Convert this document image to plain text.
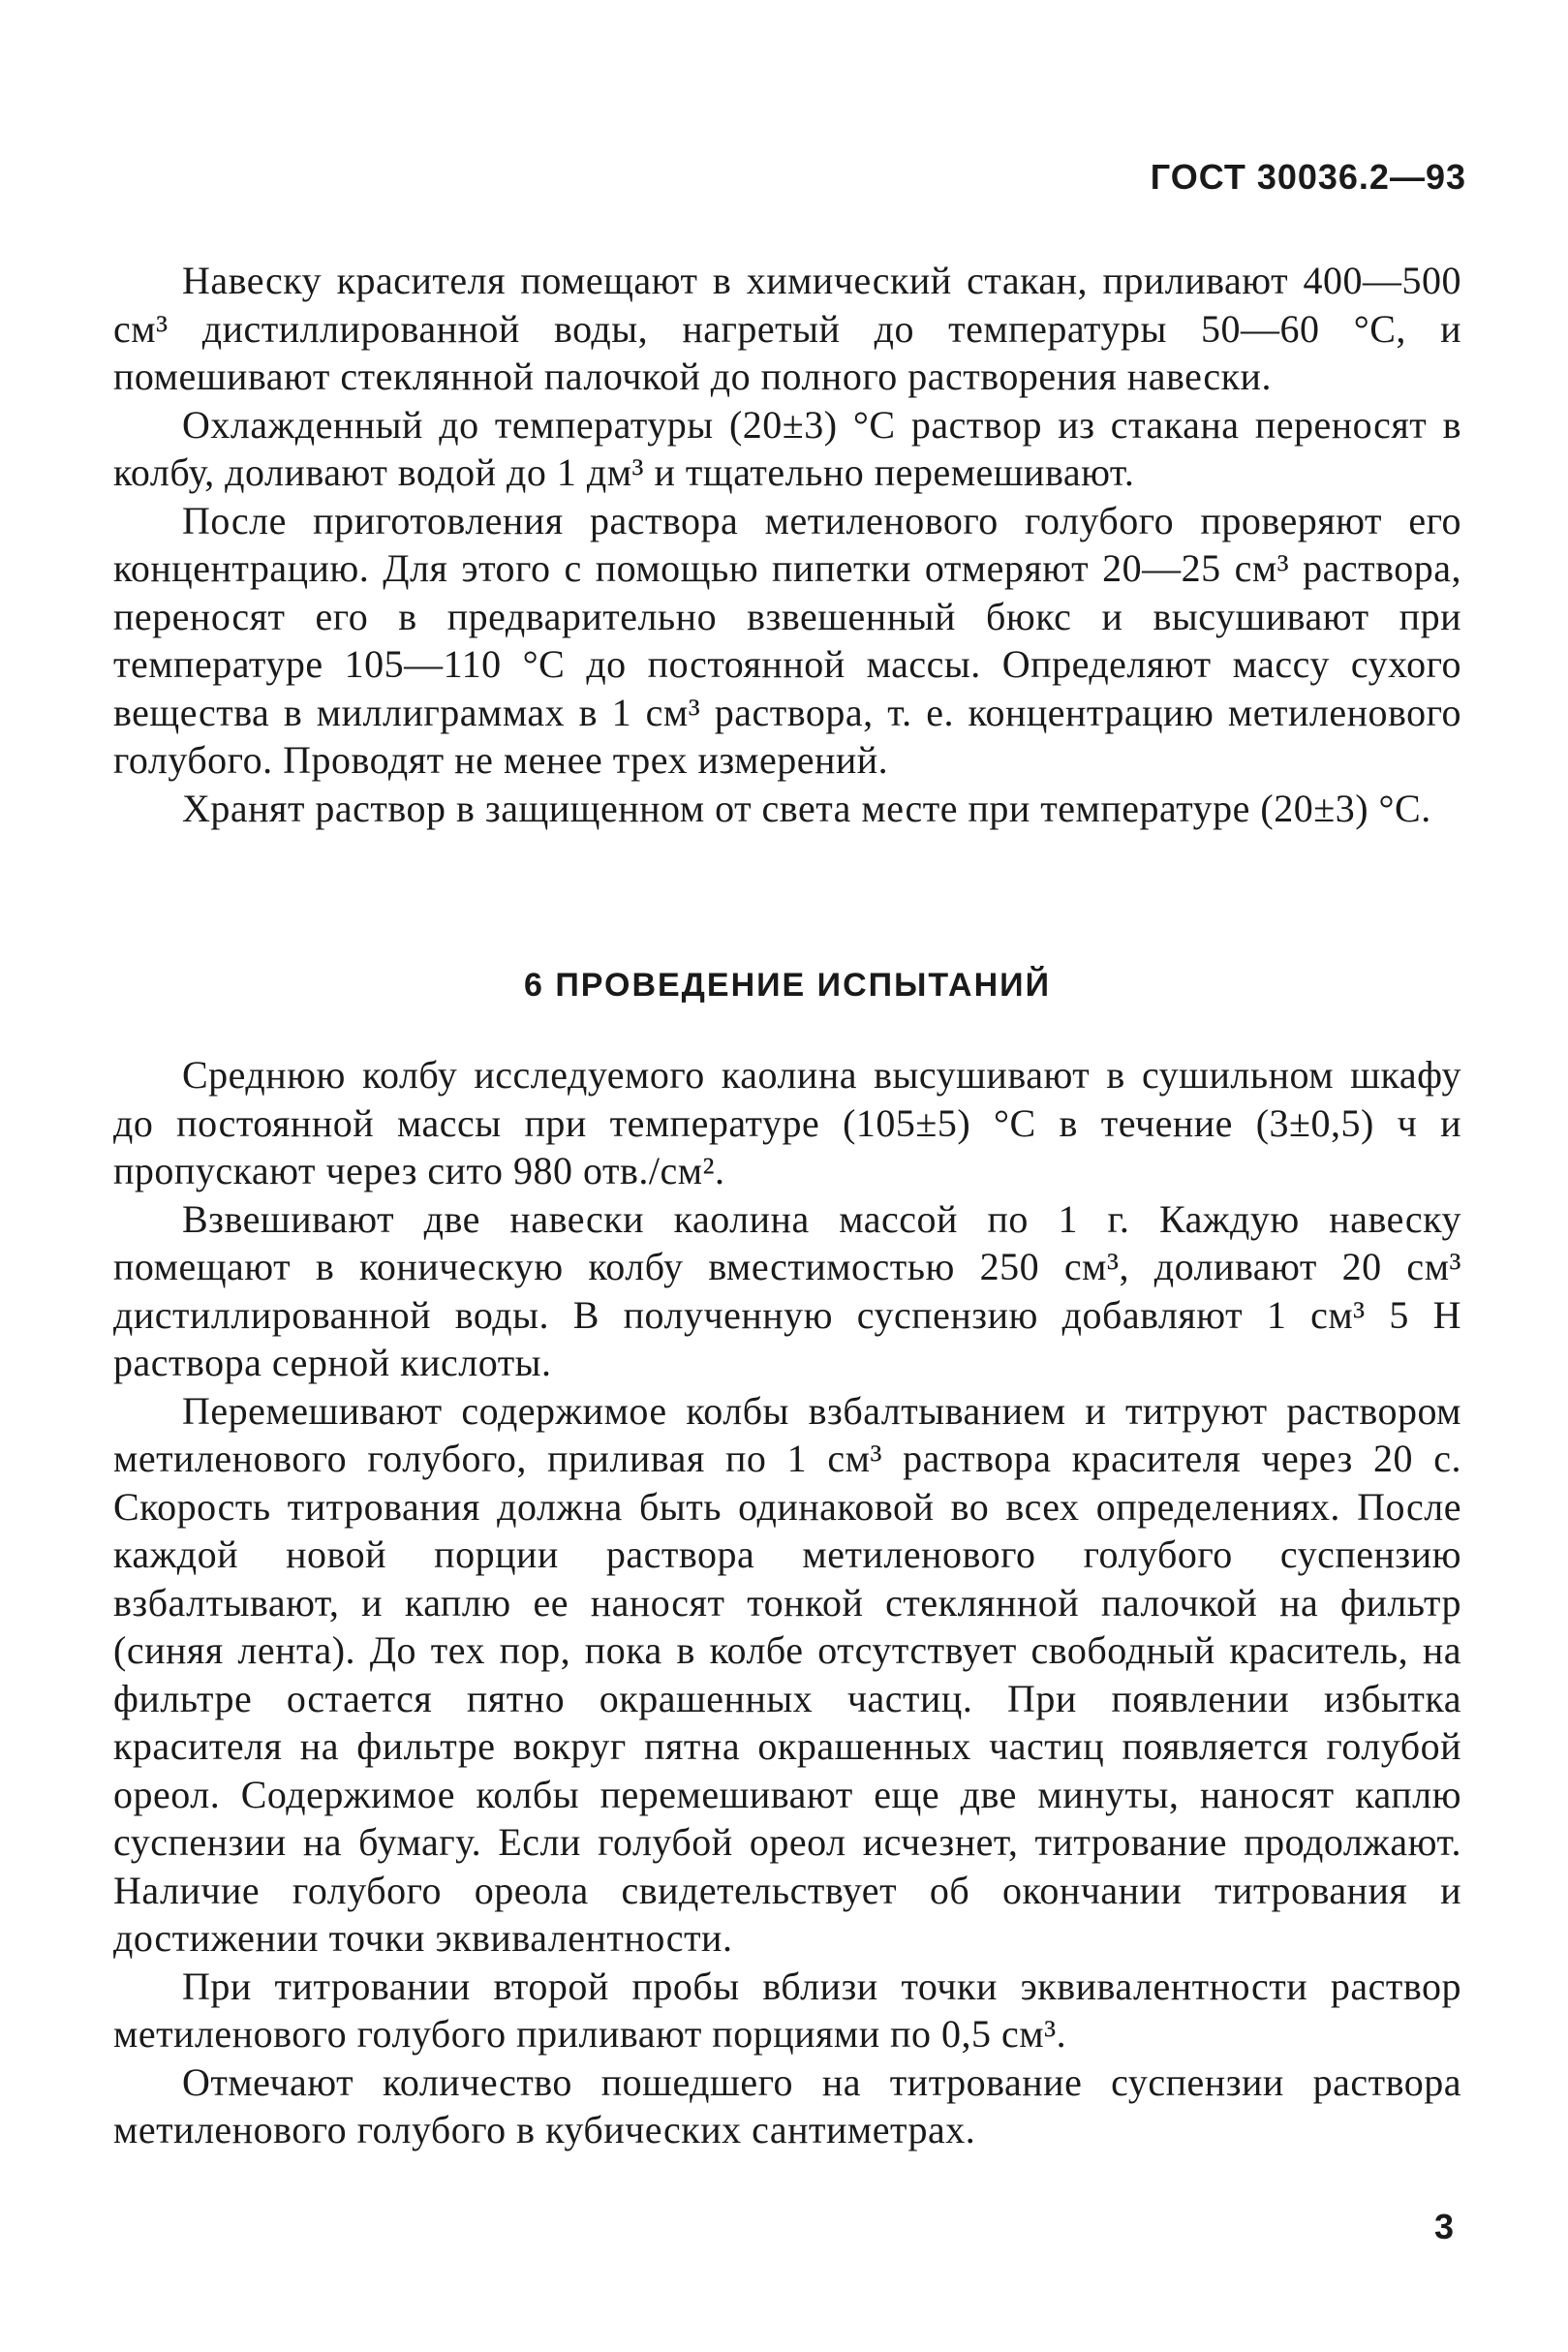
ГОСТ 30036.2—93

Навеску красителя помещают в химический стакан, приливают 400—500 см³ дистиллированной воды, нагретый до температуры 50—60 °С, и помешивают стеклянной палочкой до полного растворения навески.

Охлажденный до температуры (20±3) °С раствор из стакана переносят в колбу, доливают водой до 1 дм³ и тщательно перемешивают.

После приготовления раствора метиленового голубого проверяют его концентрацию. Для этого с помощью пипетки отмеряют 20—25 см³ раствора, переносят его в предварительно взвешенный бюкс и высушивают при температуре 105—110 °С до постоянной массы. Определяют массу сухого вещества в миллиграммах в 1 см³ раствора, т. е. концентрацию метиленового голубого. Проводят не менее трех измерений.

Хранят раствор в защищенном от света месте при температуре (20±3) °С.

6 ПРОВЕДЕНИЕ ИСПЫТАНИЙ

Среднюю колбу исследуемого каолина высушивают в сушильном шкафу до постоянной массы при температуре (105±5) °С в течение (3±0,5) ч и пропускают через сито 980 отв./см².

Взвешивают две навески каолина массой по 1 г. Каждую навеску помещают в коническую колбу вместимостью 250 см³, доливают 20 см³ дистиллированной воды. В полученную суспензию добавляют 1 см³ 5 Н раствора серной кислоты.

Перемешивают содержимое колбы взбалтыванием и титруют раствором метиленового голубого, приливая по 1 см³ раствора красителя через 20 с. Скорость титрования должна быть одинаковой во всех определениях. После каждой новой порции раствора метиленового голубого суспензию взбалтывают, и каплю ее наносят тонкой стеклянной палочкой на фильтр (синяя лента). До тех пор, пока в колбе отсутствует свободный краситель, на фильтре остается пятно окрашенных частиц. При появлении избытка красителя на фильтре вокруг пятна окрашенных частиц появляется голубой ореол. Содержимое колбы перемешивают еще две минуты, наносят каплю суспензии на бумагу. Если голубой ореол исчезнет, титрование продолжают. Наличие голубого ореола свидетельствует об окончании титрования и достижении точки эквивалентности.

При титровании второй пробы вблизи точки эквивалентности раствор метиленового голубого приливают порциями по 0,5 см³.

Отмечают количество пошедшего на титрование суспензии раствора метиленового голубого в кубических сантиметрах.

3
